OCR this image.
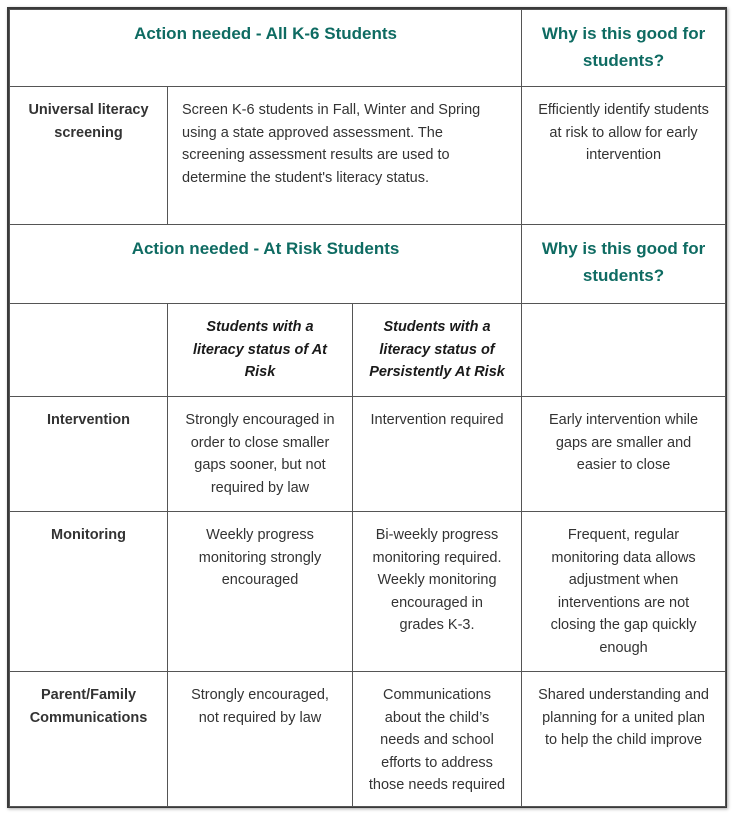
Action needed - All K-6 Students			Why is this good for students?
Universal literacy screening	Screen K-6 students in Fall, Winter and Spring using a state approved assessment. The screening assessment results are used to determine the student's literacy status.		Efficiently identify students at risk to allow for early intervention
Action needed - At Risk Students			Why is this good for students?
	Students with a literacy status of At Risk	Students with a literacy status of Persistently At Risk	
Intervention	Strongly encouraged in order to close smaller gaps sooner, but not required by law	Intervention required	Early intervention while gaps are smaller and easier to close
Monitoring	Weekly progress monitoring strongly encouraged	Bi-weekly progress monitoring required. Weekly monitoring encouraged in grades K-3.	Frequent, regular monitoring data allows adjustment when interventions are not closing the gap quickly enough
Parent/Family Communications	Strongly encouraged, not required by law	Communications about the child’s needs and school efforts to address those needs required	Shared understanding and planning for a united plan to help the child improve
